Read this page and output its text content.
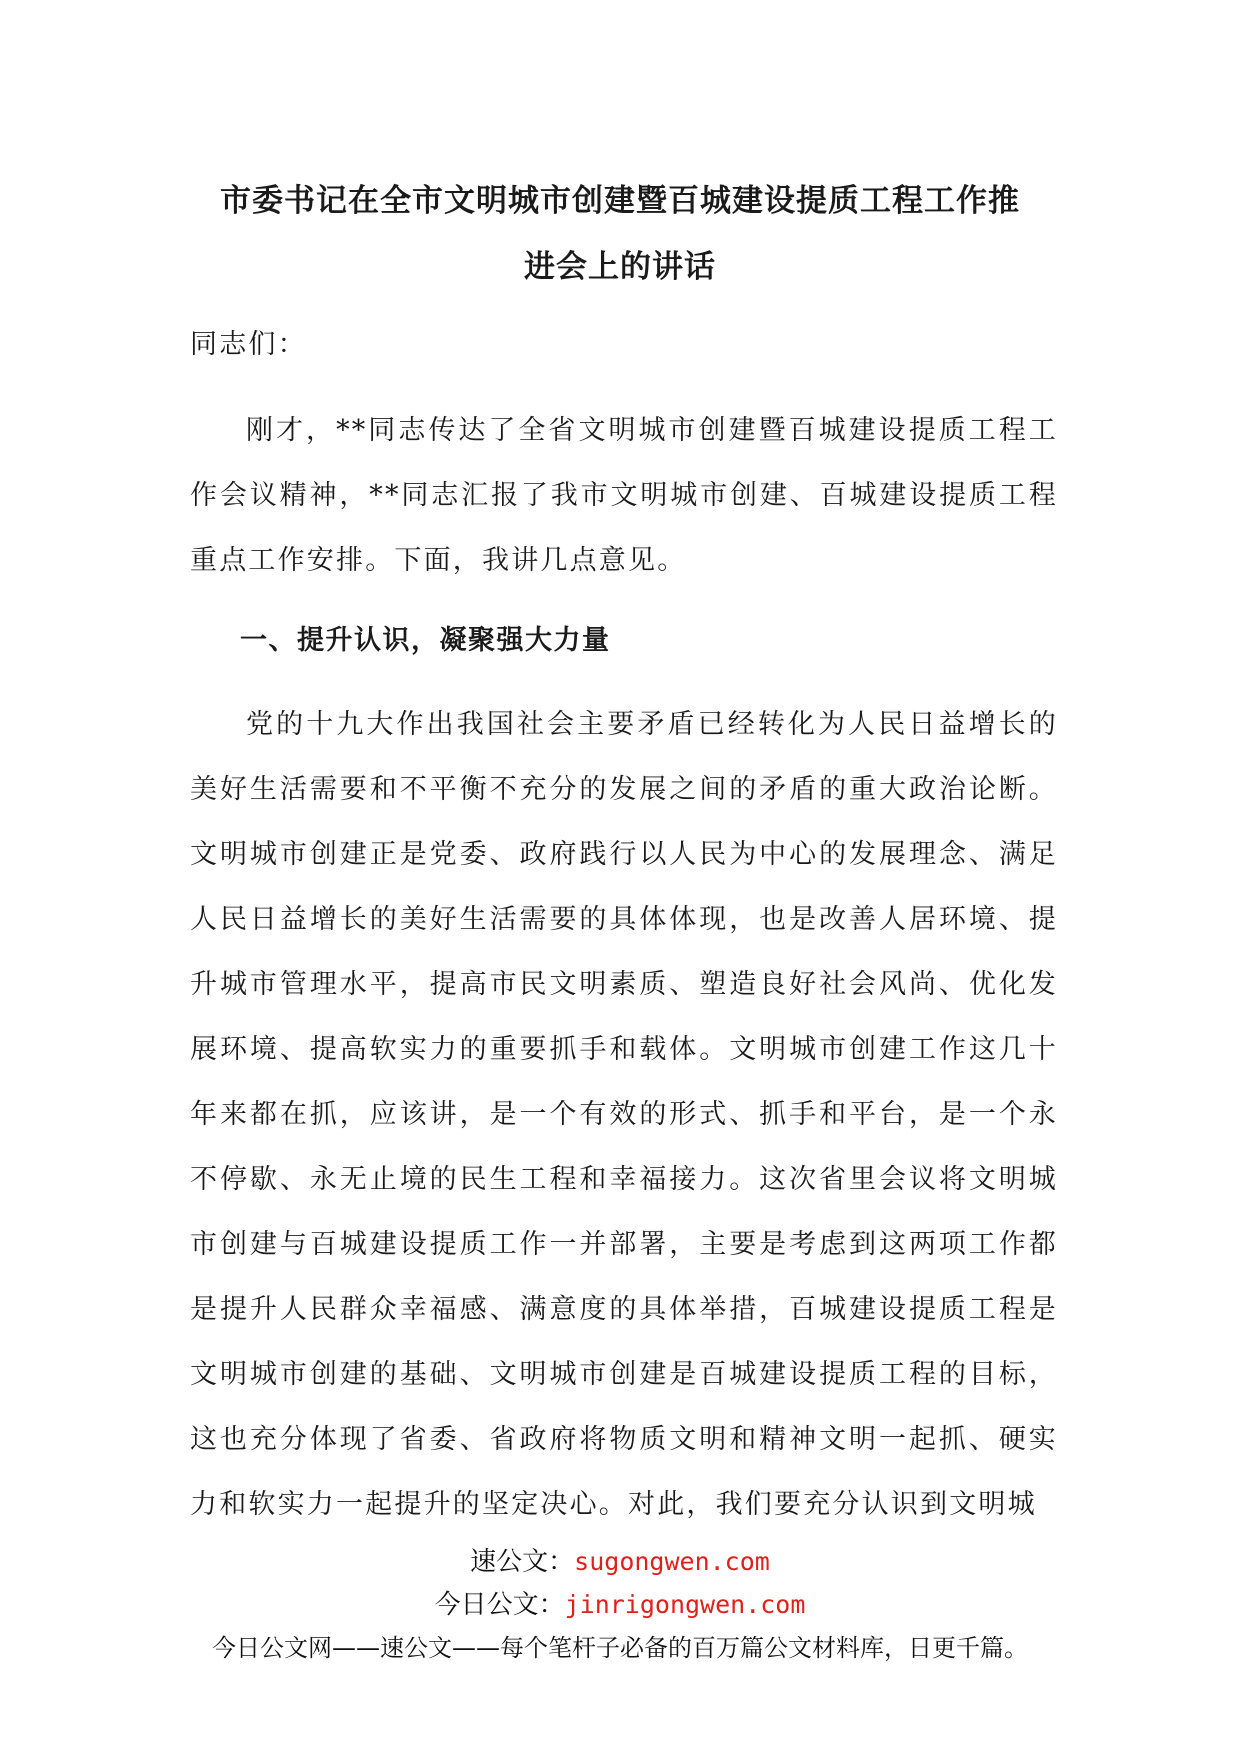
市委书记在全市文明城市创建暨百城建设提质工程工作推
进会上的讲话

同志们：

刚才，**同志传达了全省文明城市创建暨百城建设提质工程工作会议精神，**同志汇报了我市文明城市创建、百城建设提质工程重点工作安排。下面，我讲几点意见。

一、提升认识，凝聚强大力量

党的十九大作出我国社会主要矛盾已经转化为人民日益增长的美好生活需要和不平衡不充分的发展之间的矛盾的重大政治论断。文明城市创建正是党委、政府践行以人民为中心的发展理念、满足人民日益增长的美好生活需要的具体体现，也是改善人居环境、提升城市管理水平，提高市民文明素质、塑造良好社会风尚、优化发展环境、提高软实力的重要抓手和载体。文明城市创建工作这几十年来都在抓，应该讲，是一个有效的形式、抓手和平台，是一个永不停歇、永无止境的民生工程和幸福接力。这次省里会议将文明城市创建与百城建设提质工作一并部署，主要是考虑到这两项工作都是提升人民群众幸福感、满意度的具体举措，百城建设提质工程是文明城市创建的基础、文明城市创建是百城建设提质工程的目标，这也充分体现了省委、省政府将物质文明和精神文明一起抓、硬实力和软实力一起提升的坚定决心。对此，我们要充分认识到文明城

速公文：sugongwen.com
今日公文：jinrigongwen.com
今日公文网——速公文——每个笔杆子必备的百万篇公文材料库，日更千篇。
